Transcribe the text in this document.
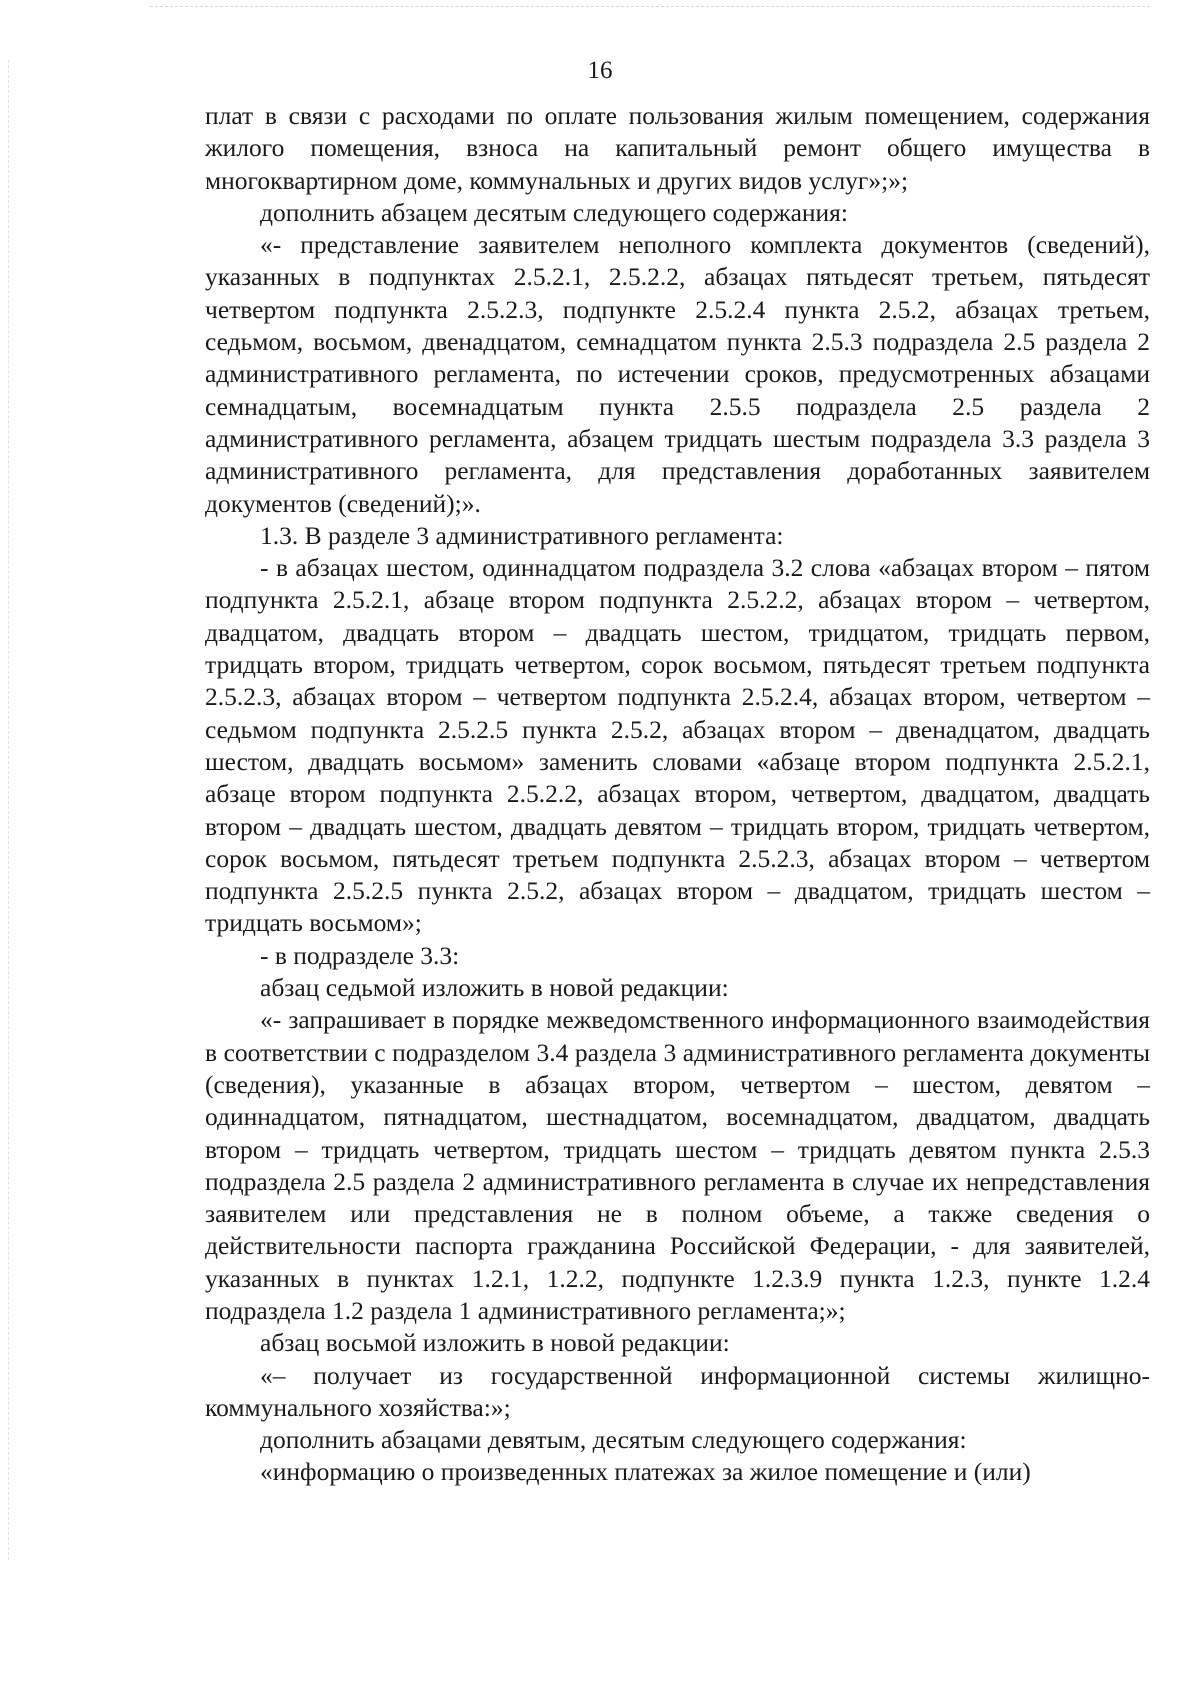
16

плат в связи с расходами по оплате пользования жилым помещением, содержания жилого помещения, взноса на капитальный ремонт общего имущества в многоквартирном доме, коммунальных и других видов услуг»;»;

дополнить абзацем десятым следующего содержания:

«- представление заявителем неполного комплекта документов (сведений), указанных в подпунктах 2.5.2.1, 2.5.2.2, абзацах пятьдесят третьем, пятьдесят четвертом подпункта 2.5.2.3, подпункте 2.5.2.4 пункта 2.5.2, абзацах третьем, седьмом, восьмом, двенадцатом, семнадцатом пункта 2.5.3 подраздела 2.5 раздела 2 административного регламента, по истечении сроков, предусмотренных абзацами семнадцатым, восемнадцатым пункта 2.5.5 подраздела 2.5 раздела 2 административного регламента, абзацем тридцать шестым подраздела 3.3 раздела 3 административного регламента, для представления доработанных заявителем документов (сведений);».

1.3. В разделе 3 административного регламента:

- в абзацах шестом, одиннадцатом подраздела 3.2 слова «абзацах втором – пятом подпункта 2.5.2.1, абзаце втором подпункта 2.5.2.2, абзацах втором – четвертом, двадцатом, двадцать втором – двадцать шестом, тридцатом, тридцать первом, тридцать втором, тридцать четвертом, сорок восьмом, пятьдесят третьем подпункта 2.5.2.3, абзацах втором – четвертом подпункта 2.5.2.4, абзацах втором, четвертом – седьмом подпункта 2.5.2.5 пункта 2.5.2, абзацах втором – двенадцатом, двадцать шестом, двадцать восьмом» заменить словами «абзаце втором подпункта 2.5.2.1, абзаце втором подпункта 2.5.2.2, абзацах втором, четвертом, двадцатом, двадцать втором – двадцать шестом, двадцать девятом – тридцать втором, тридцать четвертом, сорок восьмом, пятьдесят третьем подпункта 2.5.2.3, абзацах втором – четвертом подпункта 2.5.2.5 пункта 2.5.2, абзацах втором – двадцатом, тридцать шестом – тридцать восьмом»;

- в подразделе 3.3:

абзац седьмой изложить в новой редакции:

«- запрашивает в порядке межведомственного информационного взаимодействия в соответствии с подразделом 3.4 раздела 3 административного регламента документы (сведения), указанные в абзацах втором, четвертом – шестом, девятом – одиннадцатом, пятнадцатом, шестнадцатом, восемнадцатом, двадцатом, двадцать втором – тридцать четвертом, тридцать шестом – тридцать девятом пункта 2.5.3 подраздела 2.5 раздела 2 административного регламента в случае их непредставления заявителем или представления не в полном объеме, а также сведения о действительности паспорта гражданина Российской Федерации, - для заявителей, указанных в пунктах 1.2.1, 1.2.2, подпункте 1.2.3.9 пункта 1.2.3, пункте 1.2.4 подраздела 1.2 раздела 1 административного регламента;»;

абзац восьмой изложить в новой редакции:

«– получает из государственной информационной системы жилищно-коммунального хозяйства:»;

дополнить абзацами девятым, десятым следующего содержания:

«информацию о произведенных платежах за жилое помещение и (или)
